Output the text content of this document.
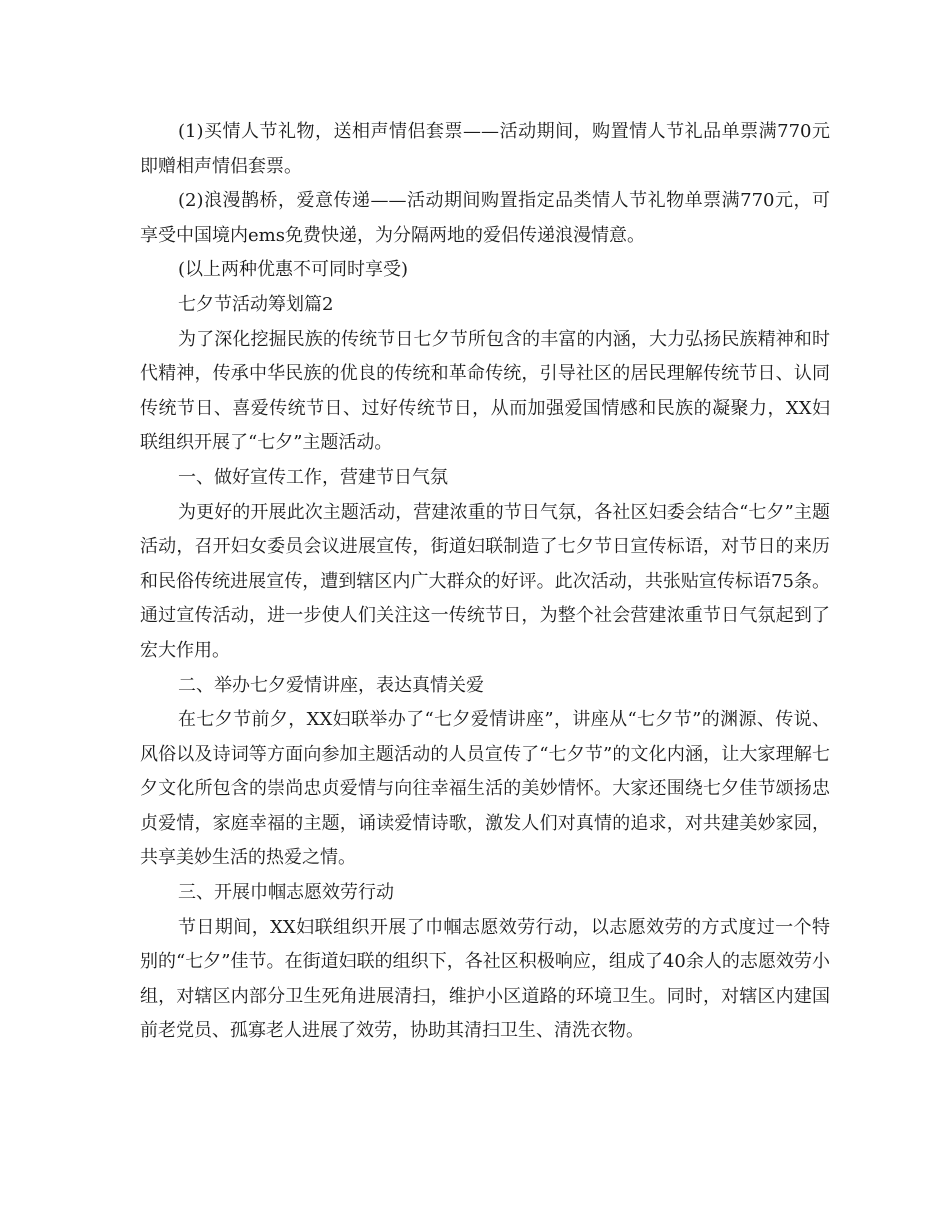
(1)买情人节礼物，送相声情侣套票——活动期间，购置情人节礼品单票满770元即赠相声情侣套票。

(2)浪漫鹊桥，爱意传递——活动期间购置指定品类情人节礼物单票满770元，可享受中国境内ems免费快递，为分隔两地的爱侣传递浪漫情意。

(以上两种优惠不可同时享受)

七夕节活动筹划篇2

为了深化挖掘民族的传统节日七夕节所包含的丰富的内涵，大力弘扬民族精神和时代精神，传承中华民族的优良的传统和革命传统，引导社区的居民理解传统节日、认同传统节日、喜爱传统节日、过好传统节日，从而加强爱国情感和民族的凝聚力，XX妇联组织开展了“七夕”主题活动。

一、做好宣传工作，营建节日气氛

为更好的开展此次主题活动，营建浓重的节日气氛，各社区妇委会结合“七夕”主题活动，召开妇女委员会议进展宣传，街道妇联制造了七夕节日宣传标语，对节日的来历和民俗传统进展宣传，遭到辖区内广大群众的好评。此次活动，共张贴宣传标语75条。通过宣传活动，进一步使人们关注这一传统节日，为整个社会营建浓重节日气氛起到了宏大作用。

二、举办七夕爱情讲座，表达真情关爱

在七夕节前夕，XX妇联举办了“七夕爱情讲座”，讲座从“七夕节”的渊源、传说、风俗以及诗词等方面向参加主题活动的人员宣传了“七夕节”的文化内涵，让大家理解七夕文化所包含的崇尚忠贞爱情与向往幸福生活的美妙情怀。大家还围绕七夕佳节颂扬忠贞爱情，家庭幸福的主题，诵读爱情诗歌，激发人们对真情的追求，对共建美妙家园，共享美妙生活的热爱之情。

三、开展巾帼志愿效劳行动

节日期间，XX妇联组织开展了巾帼志愿效劳行动，以志愿效劳的方式度过一个特别的“七夕”佳节。在街道妇联的组织下，各社区积极响应，组成了40余人的志愿效劳小组，对辖区内部分卫生死角进展清扫，维护小区道路的环境卫生。同时，对辖区内建国前老党员、孤寡老人进展了效劳，协助其清扫卫生、清洗衣物。
